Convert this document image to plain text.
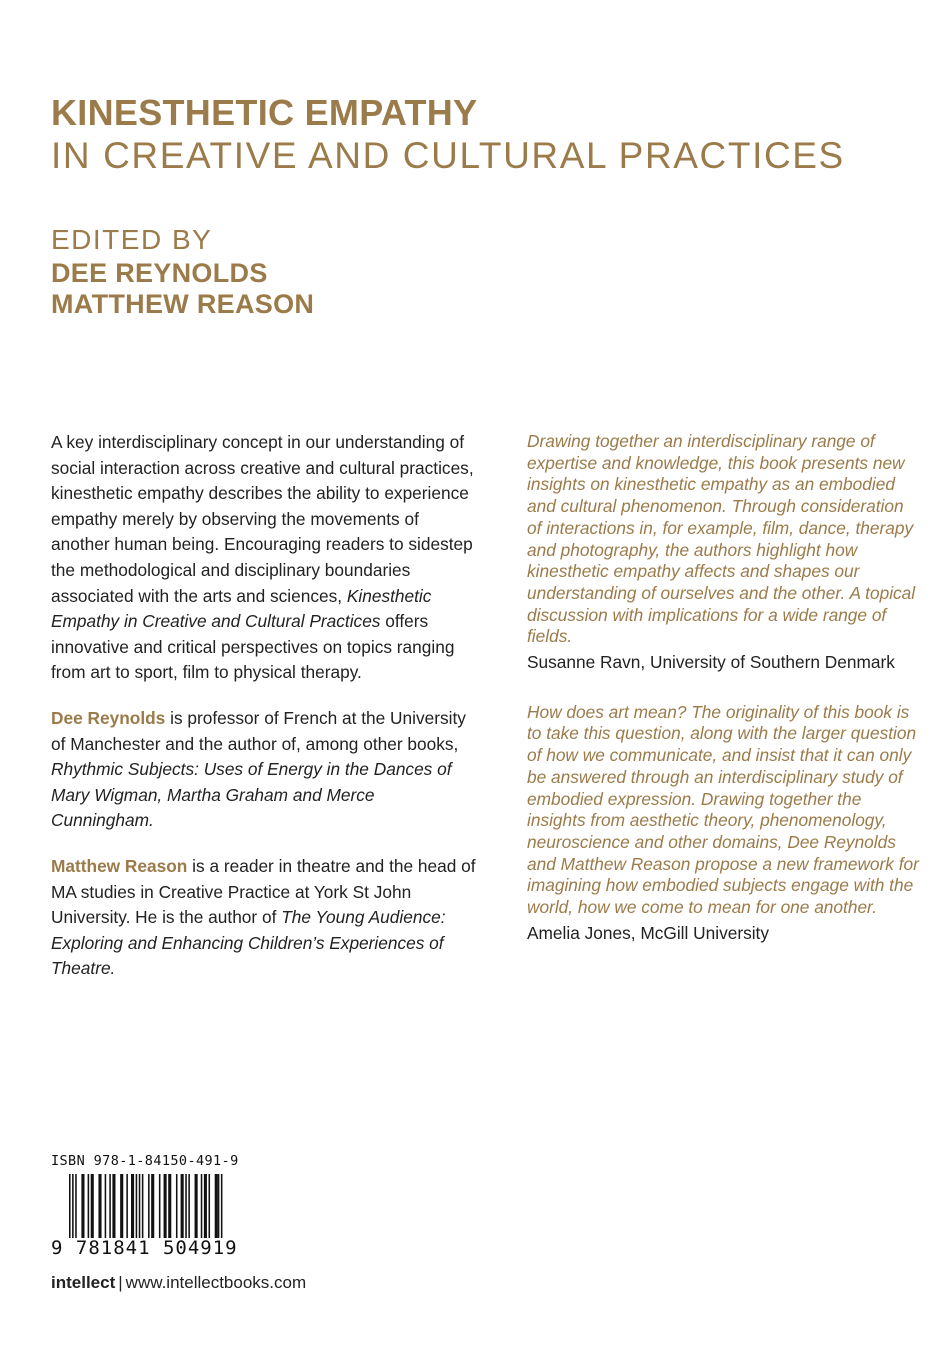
KINESTHETIC EMPATHY
IN CREATIVE AND CULTURAL PRACTICES
EDITED BY
DEE REYNOLDS
MATTHEW REASON

A key interdisciplinary concept in our understanding of social interaction across creative and cultural practices, kinesthetic empathy describes the ability to experience empathy merely by observing the movements of another human being. Encouraging readers to sidestep the methodological and disciplinary boundaries associated with the arts and sciences, Kinesthetic Empathy in Creative and Cultural Practices offers innovative and critical perspectives on topics ranging from art to sport, film to physical therapy.

Dee Reynolds is professor of French at the University of Manchester and the author of, among other books, Rhythmic Subjects: Uses of Energy in the Dances of Mary Wigman, Martha Graham and Merce Cunningham.

Matthew Reason is a reader in theatre and the head of MA studies in Creative Practice at York St John University. He is the author of The Young Audience: Exploring and Enhancing Children’s Experiences of Theatre.

Drawing together an interdisciplinary range of expertise and knowledge, this book presents new insights on kinesthetic empathy as an embodied and cultural phenomenon. Through consideration of interactions in, for example, film, dance, therapy and photography, the authors highlight how kinesthetic empathy affects and shapes our understanding of ourselves and the other. A topical discussion with implications for a wide range of fields.

Susanne Ravn, University of Southern Denmark

How does art mean? The originality of this book is to take this question, along with the larger question of how we communicate, and insist that it can only be answered through an interdisciplinary study of embodied expression. Drawing together the insights from aesthetic theory, phenomenology, neuroscience and other domains, Dee Reynolds and Matthew Reason propose a new framework for imagining how embodied subjects engage with the world, how we come to mean for one another.

Amelia Jones, McGill University

ISBN 978-1-84150-491-9
9 781841 504919
intellect | www.intellectbooks.com
